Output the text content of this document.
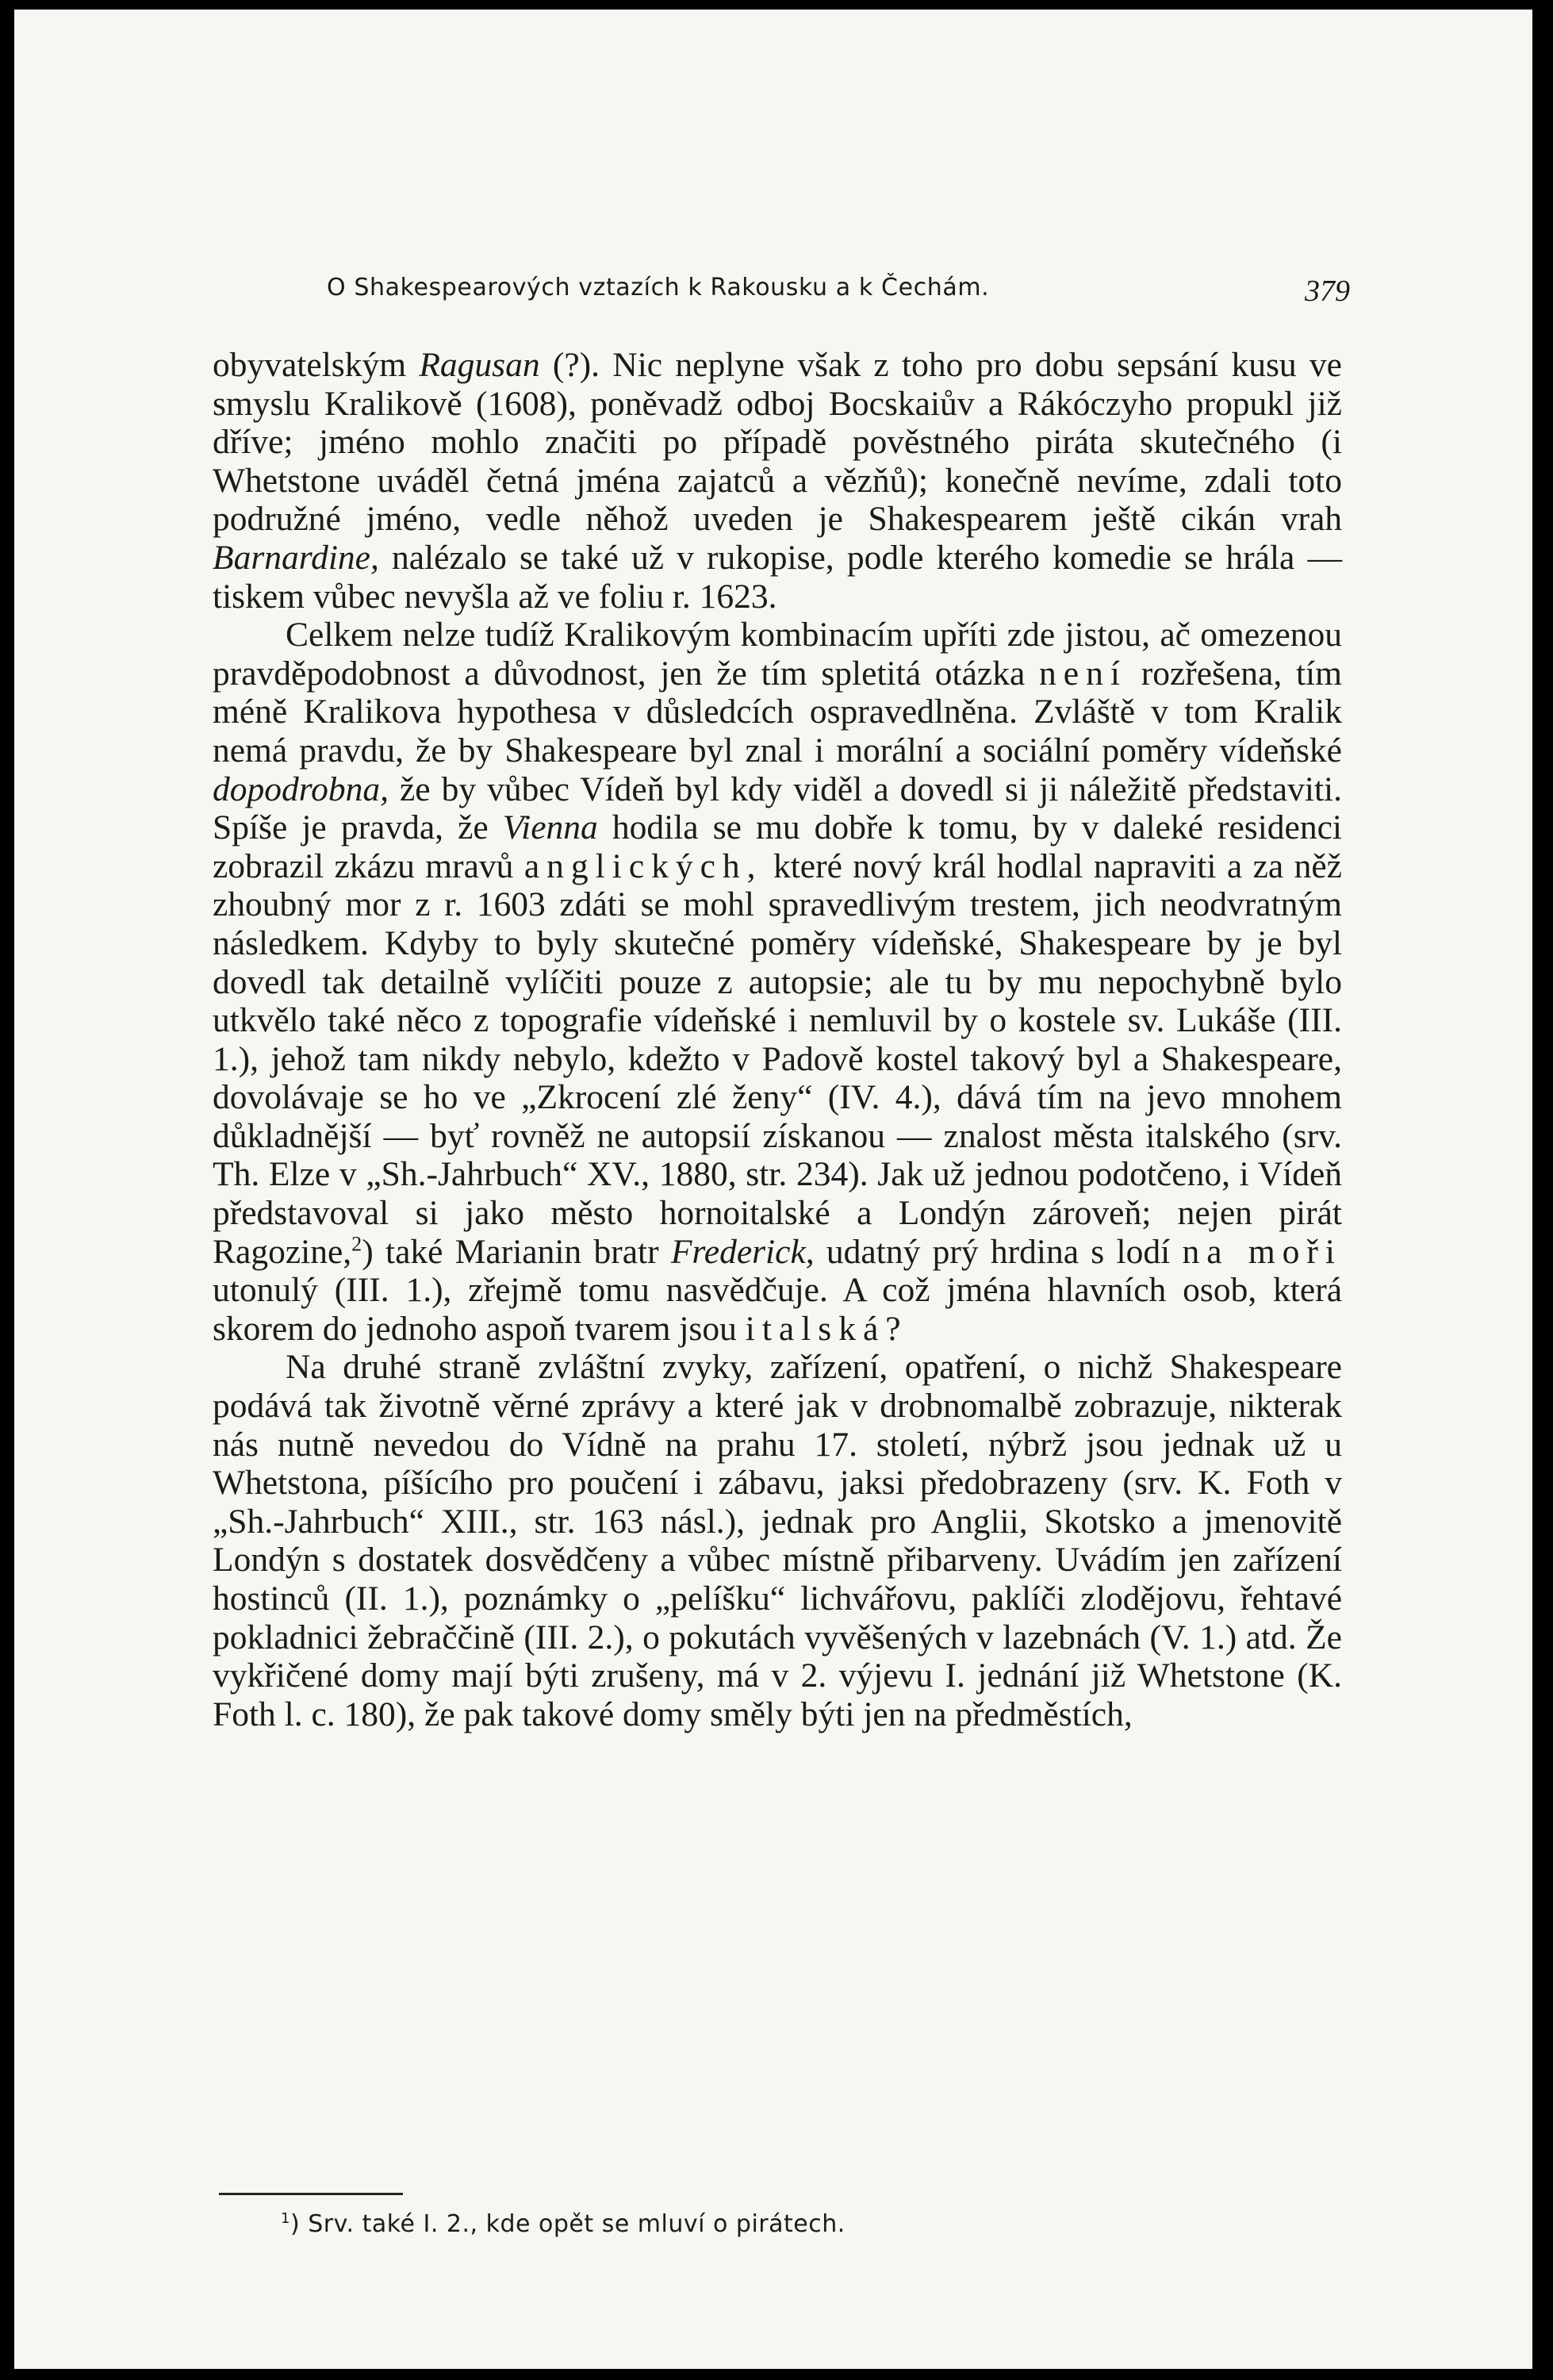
O Shakespearových vztazích k Rakousku a k Čechám.	379

obyvatelským Ragusan (?). Nic neplyne však z toho pro dobu sepsání kusu ve smyslu Kralikově (1608), poněvadž odboj Bocskaiův a Rákóczyho propukl již dříve; jméno mohlo značiti po případě pověstného piráta skutečného (i Whetstone uváděl četná jména zajatců a vězňů); konečně nevíme, zdali toto podružné jméno, vedle něhož uveden je Shakespearem ještě cikán vrah Barnardine, nalézalo se také už v rukopise, podle kterého komedie se hrála — tiskem vůbec nevyšla až ve foliu r. 1623.

Celkem nelze tudíž Kralikovým kombinacím upříti zde jistou, ač omezenou pravděpodobnost a důvodnost, jen že tím spletitá otázka není rozřešena, tím méně Kralikova hypothesa v důsledcích ospravedlněna. Zvláště v tom Kralik nemá pravdu, že by Shakespeare byl znal i morální a sociální poměry vídeňské dopodrobna, že by vůbec Vídeň byl kdy viděl a dovedl si ji náležitě představiti. Spíše je pravda, že Vienna hodila se mu dobře k tomu, by v daleké residenci zobrazil zkázu mravů anglických, které nový král hodlal napraviti a za něž zhoubný mor z r. 1603 zdáti se mohl spravedlivým trestem, jich neodvratným následkem. Kdyby to byly skutečné poměry vídeňské, Shakespeare by je byl dovedl tak detailně vylíčiti pouze z autopsie; ale tu by mu nepochybně bylo utkvělo také něco z topografie vídeňské i nemluvil by o kostele sv. Lukáše (III. 1.), jehož tam nikdy nebylo, kdežto v Padově kostel takový byl a Shakespeare, dovolávaje se ho ve „Zkrocení zlé ženy“ (IV. 4.), dává tím na jevo mnohem důkladnější — byť rovněž ne autopsií získanou — znalost města italského (srv. Th. Elze v „Sh.-Jahrbuch“ XV., 1880, str. 234). Jak už jednou podotčeno, i Vídeň představoval si jako město hornoitalské a Londýn zároveň; nejen pirát Ragozine,$^2$) také Marianin bratr Frederick, udatný prý hrdina s lodí na moři utonulý (III. 1.), zřejmě tomu nasvědčuje. A což jména hlavních osob, která skorem do jednoho aspoň tvarem jsou italská?

Na druhé straně zvláštní zvyky, zařízení, opatření, o nichž Shakespeare podává tak životně věrné zprávy a které jak v drobnomalbě zobrazuje, nikterak nás nutně nevedou do Vídně na prahu 17. století, nýbrž jsou jednak už u Whetstona, píšícího pro poučení i zábavu, jaksi předobrazeny (srv. K. Foth v „Sh.-Jahrbuch“ XIII., str. 163 násl.), jednak pro Anglii, Skotsko a jmenovitě Londýn s dostatek dosvědčeny a vůbec místně přibarveny. Uvádím jen zařízení hostinců (II. 1.), poznámky o „pelíšku“ lichvářovu, paklíči zlodějovu, řehtavé pokladnici žebraččině (III. 2.), o pokutách vyvěšených v lazebnách (V. 1.) atd. Že vykřičené domy mají býti zrušeny, má v 2. výjevu I. jednání již Whetstone (K. Foth l. c. 180), že pak takové domy směly býti jen na předměstích,

$^1$) Srv. také I. 2., kde opět se mluví o pirátech.
